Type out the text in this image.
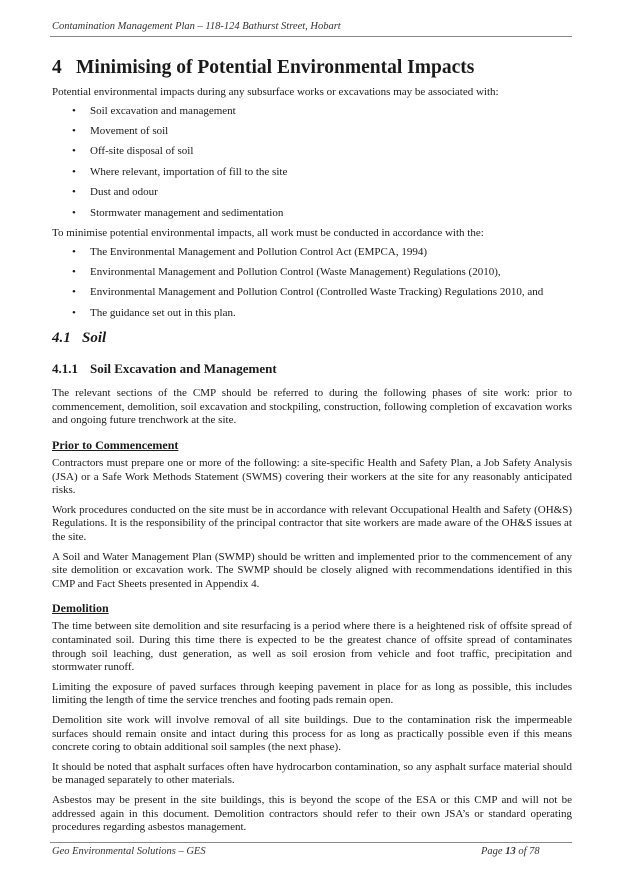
Contamination Management Plan – 118-124 Bathurst Street, Hobart
4 Minimising of Potential Environmental Impacts

Potential environmental impacts during any subsurface works or excavations may be associated with:

• Soil excavation and management
• Movement of soil
• Off-site disposal of soil
• Where relevant, importation of fill to the site
• Dust and odour
• Stormwater management and sedimentation

To minimise potential environmental impacts, all work must be conducted in accordance with the:

• The Environmental Management and Pollution Control Act (EMPCA, 1994)
• Environmental Management and Pollution Control (Waste Management) Regulations (2010),
• Environmental Management and Pollution Control (Controlled Waste Tracking) Regulations 2010, and
• The guidance set out in this plan.
4.1 Soil
4.1.1 Soil Excavation and Management

The relevant sections of the CMP should be referred to during the following phases of site work: prior to commencement, demolition, soil excavation and stockpiling, construction, following completion of excavation works and ongoing future trenchwork at the site.

Prior to Commencement

Contractors must prepare one or more of the following: a site-specific Health and Safety Plan, a Job Safety Analysis (JSA) or a Safe Work Methods Statement (SWMS) covering their workers at the site for any reasonably anticipated risks.

Work procedures conducted on the site must be in accordance with relevant Occupational Health and Safety (OH&S) Regulations. It is the responsibility of the principal contractor that site workers are made aware of the OH&S issues at the site.

A Soil and Water Management Plan (SWMP) should be written and implemented prior to the commencement of any site demolition or excavation work. The SWMP should be closely aligned with recommendations identified in this CMP and Fact Sheets presented in Appendix 4.

Demolition

The time between site demolition and site resurfacing is a period where there is a heightened risk of offsite spread of contaminated soil. During this time there is expected to be the greatest chance of offsite spread of contaminates through soil leaching, dust generation, as well as soil erosion from vehicle and foot traffic, precipitation and stormwater runoff.

Limiting the exposure of paved surfaces through keeping pavement in place for as long as possible, this includes limiting the length of time the service trenches and footing pads remain open.

Demolition site work will involve removal of all site buildings. Due to the contamination risk the impermeable surfaces should remain onsite and intact during this process for as long as practically possible even if this means concrete coring to obtain additional soil samples (the next phase).

It should be noted that asphalt surfaces often have hydrocarbon contamination, so any asphalt surface material should be managed separately to other materials.

Asbestos may be present in the site buildings, this is beyond the scope of the ESA or this CMP and will not be addressed again in this document. Demolition contractors should refer to their own JSA’s or standard operating procedures regarding asbestos management.

Geo Environmental Solutions – GES	Page 13 of 78
